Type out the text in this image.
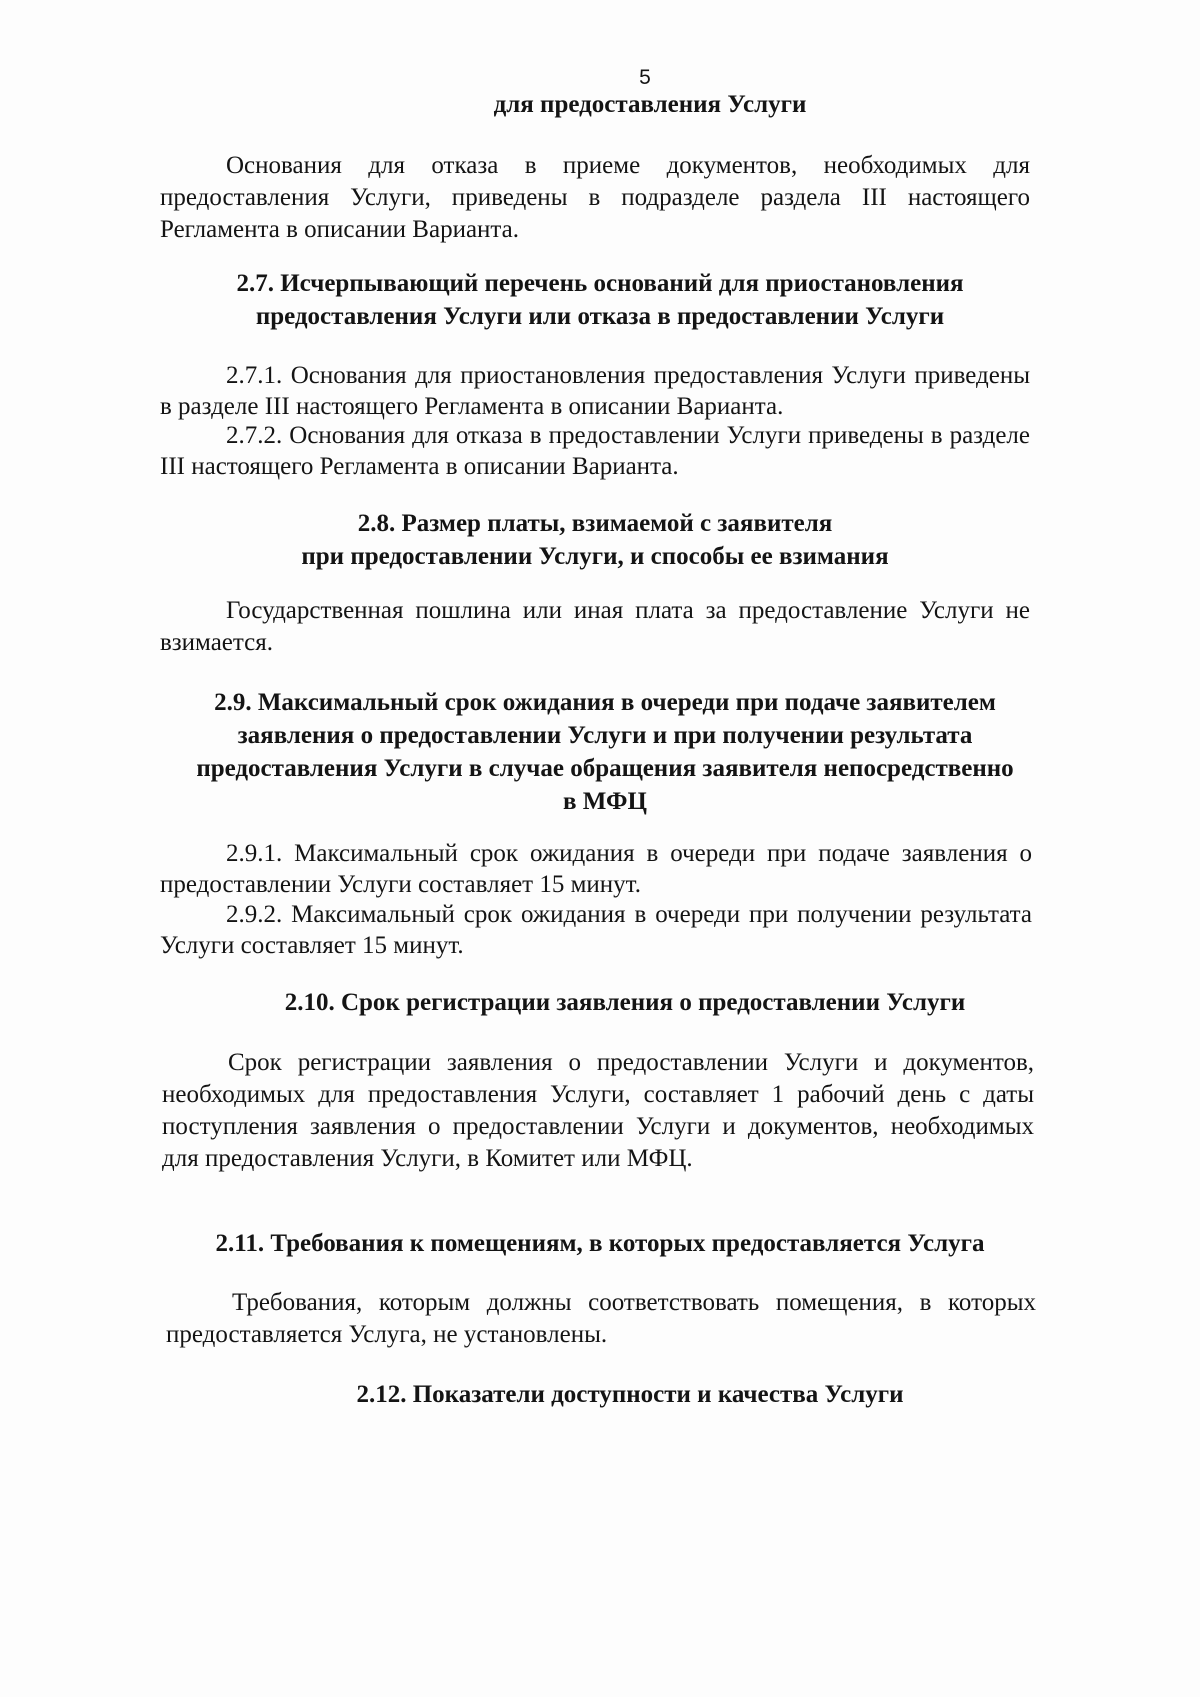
5
для предоставления Услуги
Основания для отказа в приеме документов, необходимых для предоставления Услуги, приведены в подразделе раздела III настоящего Регламента в описании Варианта.
2.7. Исчерпывающий перечень оснований для приостановления
предоставления Услуги или отказа в предоставлении Услуги
2.7.1. Основания для приостановления предоставления Услуги приведены в разделе III настоящего Регламента в описании Варианта.
2.7.2. Основания для отказа в предоставлении Услуги приведены в разделе III настоящего Регламента в описании Варианта.
2.8. Размер платы, взимаемой с заявителя
при предоставлении Услуги, и способы ее взимания
Государственная пошлина или иная плата за предоставление Услуги не взимается.
2.9. Максимальный срок ожидания в очереди при подаче заявителем
заявления о предоставлении Услуги и при получении результата
предоставления Услуги в случае обращения заявителя непосредственно
в МФЦ
2.9.1. Максимальный срок ожидания в очереди при подаче заявления о предоставлении Услуги составляет 15 минут.
2.9.2. Максимальный срок ожидания в очереди при получении результата Услуги составляет 15 минут.
2.10. Срок регистрации заявления о предоставлении Услуги
Срок регистрации заявления о предоставлении Услуги и документов, необходимых для предоставления Услуги, составляет 1 рабочий день с даты поступления заявления о предоставлении Услуги и документов, необходимых для предоставления Услуги, в Комитет или МФЦ.
2.11. Требования к помещениям, в которых предоставляется Услуга
Требования, которым должны соответствовать помещения, в которых предоставляется Услуга, не установлены.
2.12. Показатели доступности и качества Услуги
